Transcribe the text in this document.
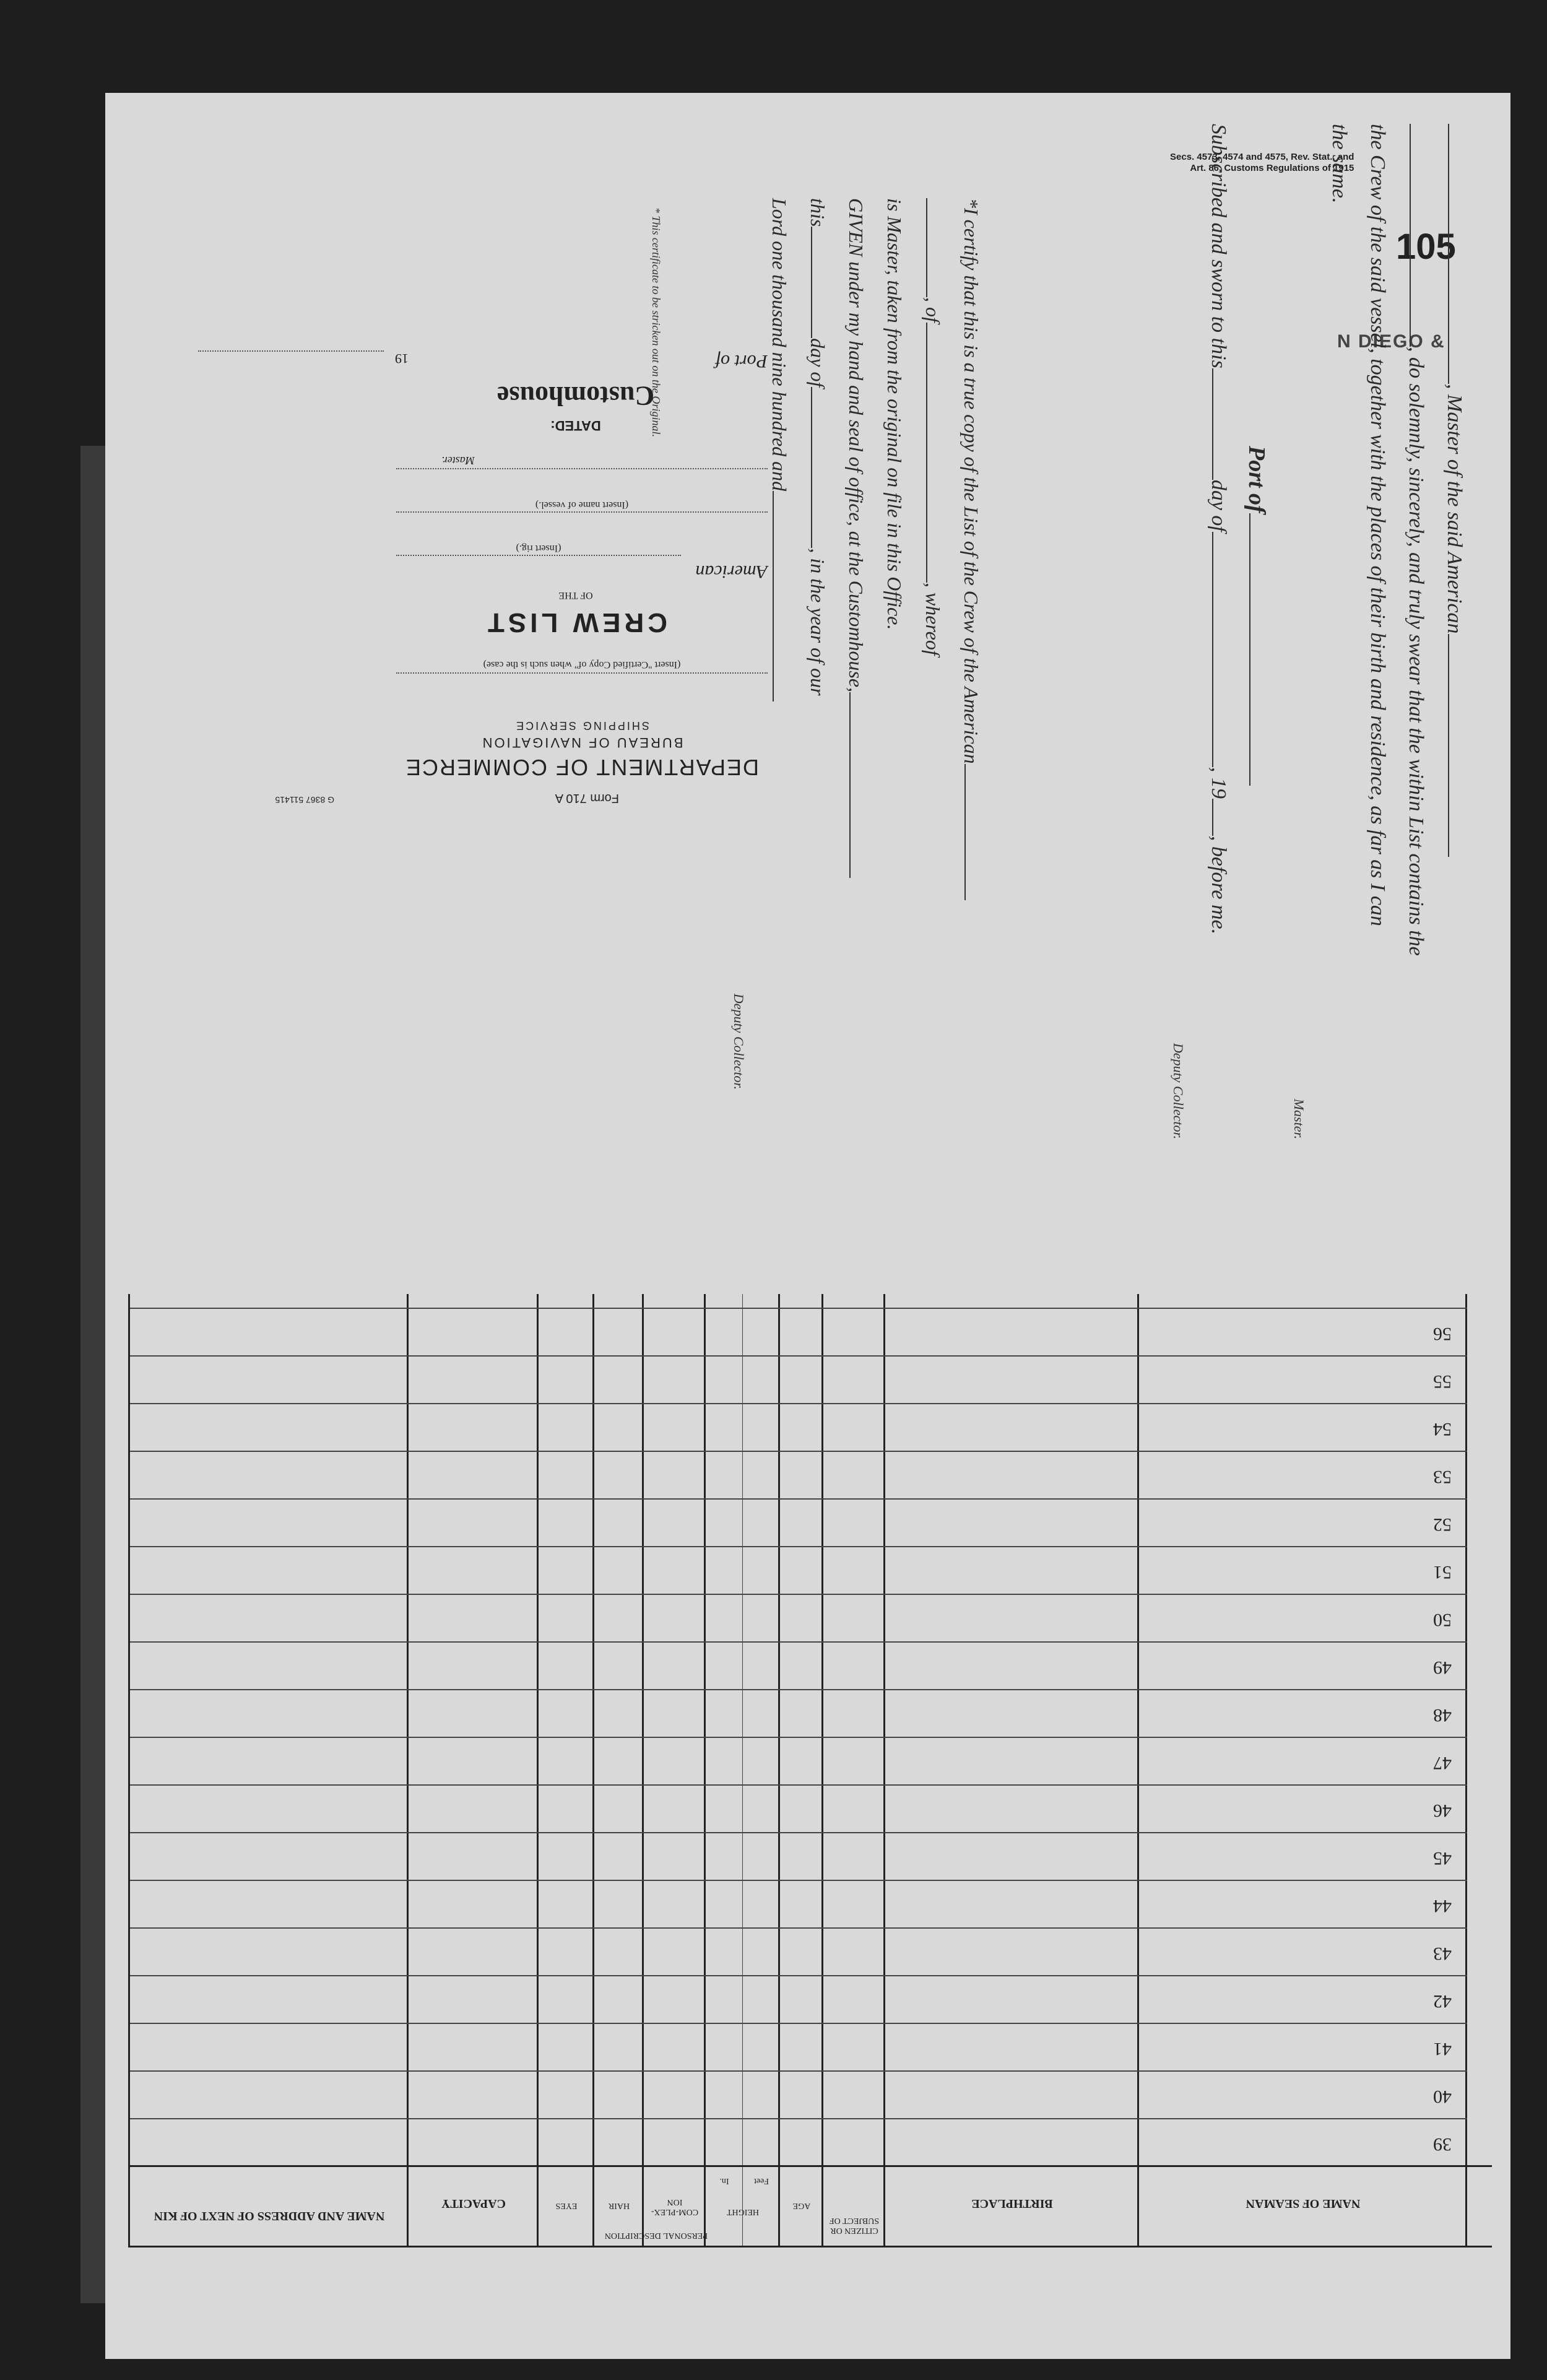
Secs. 4573, 4574 and 4575, Rev. Stat., and
Art. 86, Customs Regulations of 1915
105
N DIEGO &
, Master of the said American
, do solemnly, sincerely, and truly swear that the within List contains the
the Crew of the said vessel, together with the places of their birth and residence, as far as I can
the same.
Master.
Port of
Subscribed and sworn to thisday of, 19, before me.
Deputy Collector.
*I certify that this is a true copy of the List of the Crew of the American
, of, whereof
is Master, taken from the original on file in this Office.
GIVEN under my hand and seal of office, at the Customhouse,
thisday of, in the year of our
Lord one thousand nine hundred and
Deputy Collector.
* This certificate to be stricken out on the Original.
G 8367 511415	Form 710 A
DEPARTMENT OF COMMERCE
BUREAU OF NAVIGATION
SHIPPING SERVICE
(Insert "Certified Copy of" when such is the case)
CREW LIST
OF THE
American
(Insert rig.)
(Insert name of vessel.)
Master.
DATED:
Customhouse
Port of
19
NAME OF SEAMAN
BIRTHPLACE
CITIZEN OR SUBJECT OF
AGE
PERSONAL DESCRIPTION
HEIGHT
Feet
In.
COM-PLEX-ION
HAIR
EYES
CAPACITY
NAME AND ADDRESS OF NEXT OF KIN
39
40
41
42
43
44
45
46
47
48
49
50
51
52
53
54
55
56
